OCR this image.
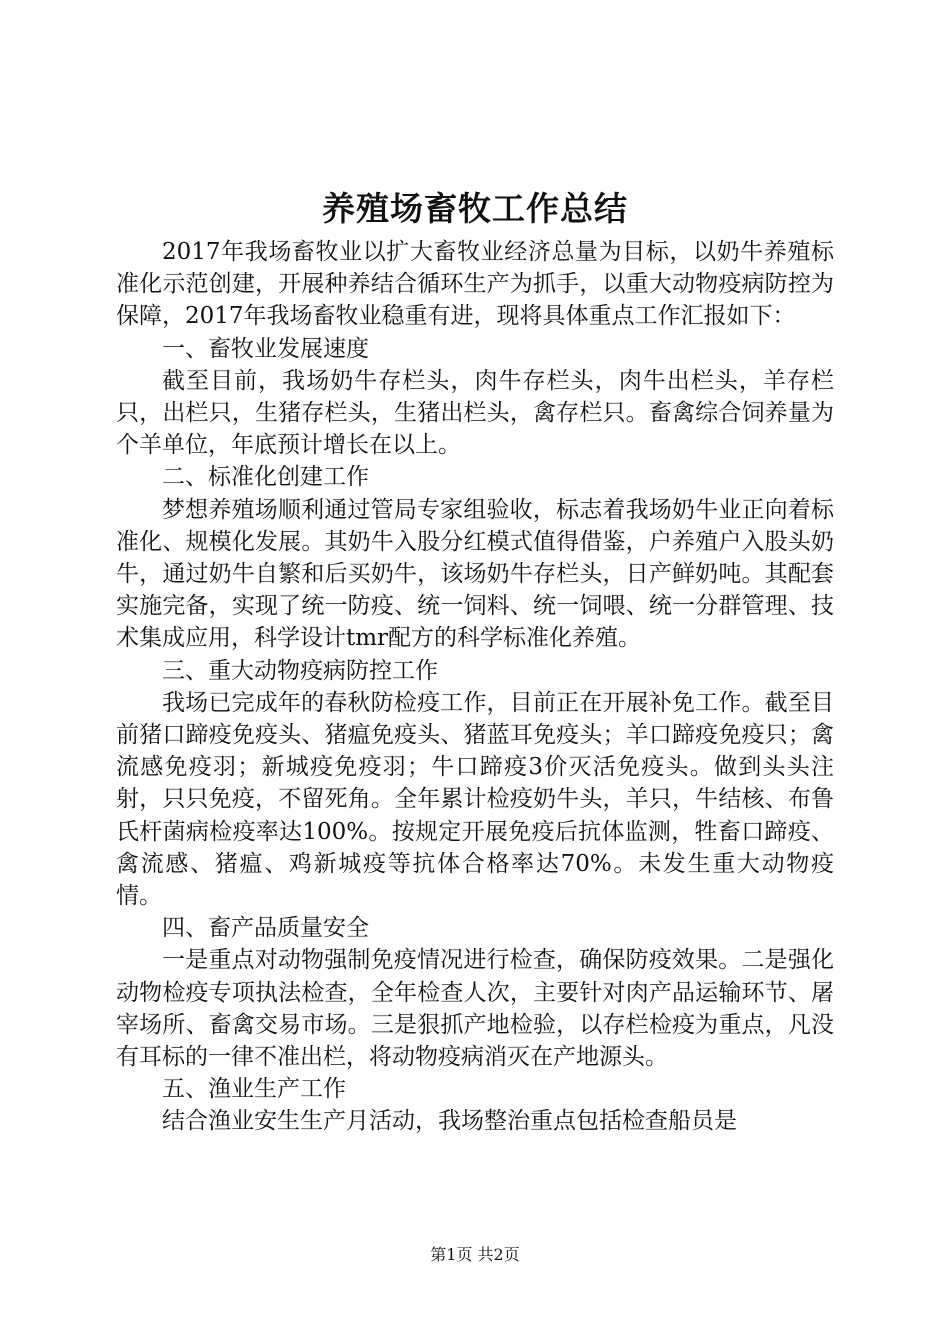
养殖场畜牧工作总结

2017年我场畜牧业以扩大畜牧业经济总量为目标，以奶牛养殖标准化示范创建，开展种养结合循环生产为抓手，以重大动物疫病防控为保障，2017年我场畜牧业稳重有进，现将具体重点工作汇报如下：

一、畜牧业发展速度

截至目前，我场奶牛存栏头，肉牛存栏头，肉牛出栏头，羊存栏只，出栏只，生猪存栏头，生猪出栏头，禽存栏只。畜禽综合饲养量为个羊单位，年底预计增长在以上。

二、标准化创建工作

梦想养殖场顺利通过管局专家组验收，标志着我场奶牛业正向着标准化、规模化发展。其奶牛入股分红模式值得借鉴，户养殖户入股头奶牛，通过奶牛自繁和后买奶牛，该场奶牛存栏头，日产鲜奶吨。其配套实施完备，实现了统一防疫、统一饲料、统一饲喂、统一分群管理、技术集成应用，科学设计tmr配方的科学标准化养殖。

三、重大动物疫病防控工作

我场已完成年的春秋防检疫工作，目前正在开展补免工作。截至目前猪口蹄疫免疫头、猪瘟免疫头、猪蓝耳免疫头；羊口蹄疫免疫只；禽流感免疫羽；新城疫免疫羽；牛口蹄疫3价灭活免疫头。做到头头注射，只只免疫，不留死角。全年累计检疫奶牛头，羊只，牛结核、布鲁氏杆菌病检疫率达100%。按规定开展免疫后抗体监测，牲畜口蹄疫、禽流感、猪瘟、鸡新城疫等抗体合格率达70%。未发生重大动物疫情。

四、畜产品质量安全

一是重点对动物强制免疫情况进行检查，确保防疫效果。二是强化动物检疫专项执法检查，全年检查人次，主要针对肉产品运输环节、屠宰场所、畜禽交易市场。三是狠抓产地检验，以存栏检疫为重点，凡没有耳标的一律不准出栏，将动物疫病消灭在产地源头。

五、渔业生产工作

结合渔业安生生产月活动，我场整治重点包括检查船员是

第1页 共2页
